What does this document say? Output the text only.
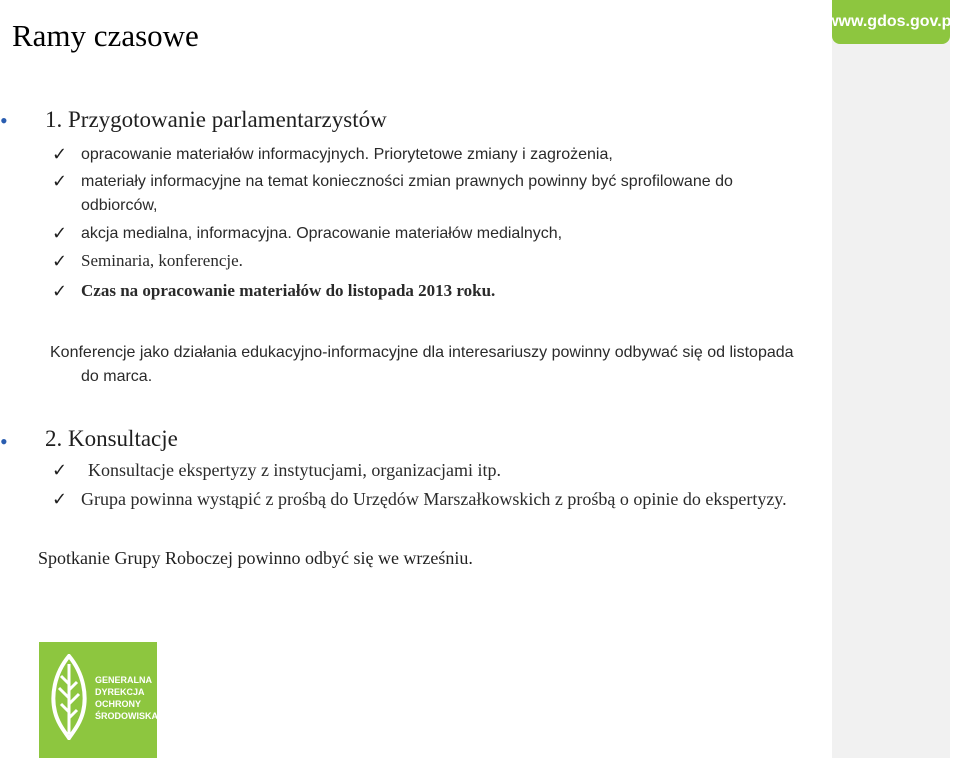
www.gdos.gov.pl
Ramy czasowe
• 1. Przygotowanie parlamentarzystów
✓ opracowanie materiałów informacyjnych. Priorytetowe zmiany i zagrożenia,
✓ materiały informacyjne na temat konieczności zmian prawnych powinny być sprofilowane do
odbiorców,
✓ akcja medialna, informacyjna. Opracowanie materiałów medialnych,
✓ Seminaria, konferencje.
✓ Czas na opracowanie materiałów do listopada 2013 roku.
Konferencje jako działania edukacyjno-informacyjne dla interesariuszy powinny odbywać się od listopada
do marca.
• 2. Konsultacje
✓ Konsultacje ekspertyzy z instytucjami, organizacjami itp.
✓ Grupa powinna wystąpić z prośbą do Urzędów Marszałkowskich z prośbą o opinie do ekspertyzy.
Spotkanie Grupy Roboczej powinno odbyć się we wrześniu.
GENERALNA
DYREKCJA
OCHRONY
ŚRODOWISKA
